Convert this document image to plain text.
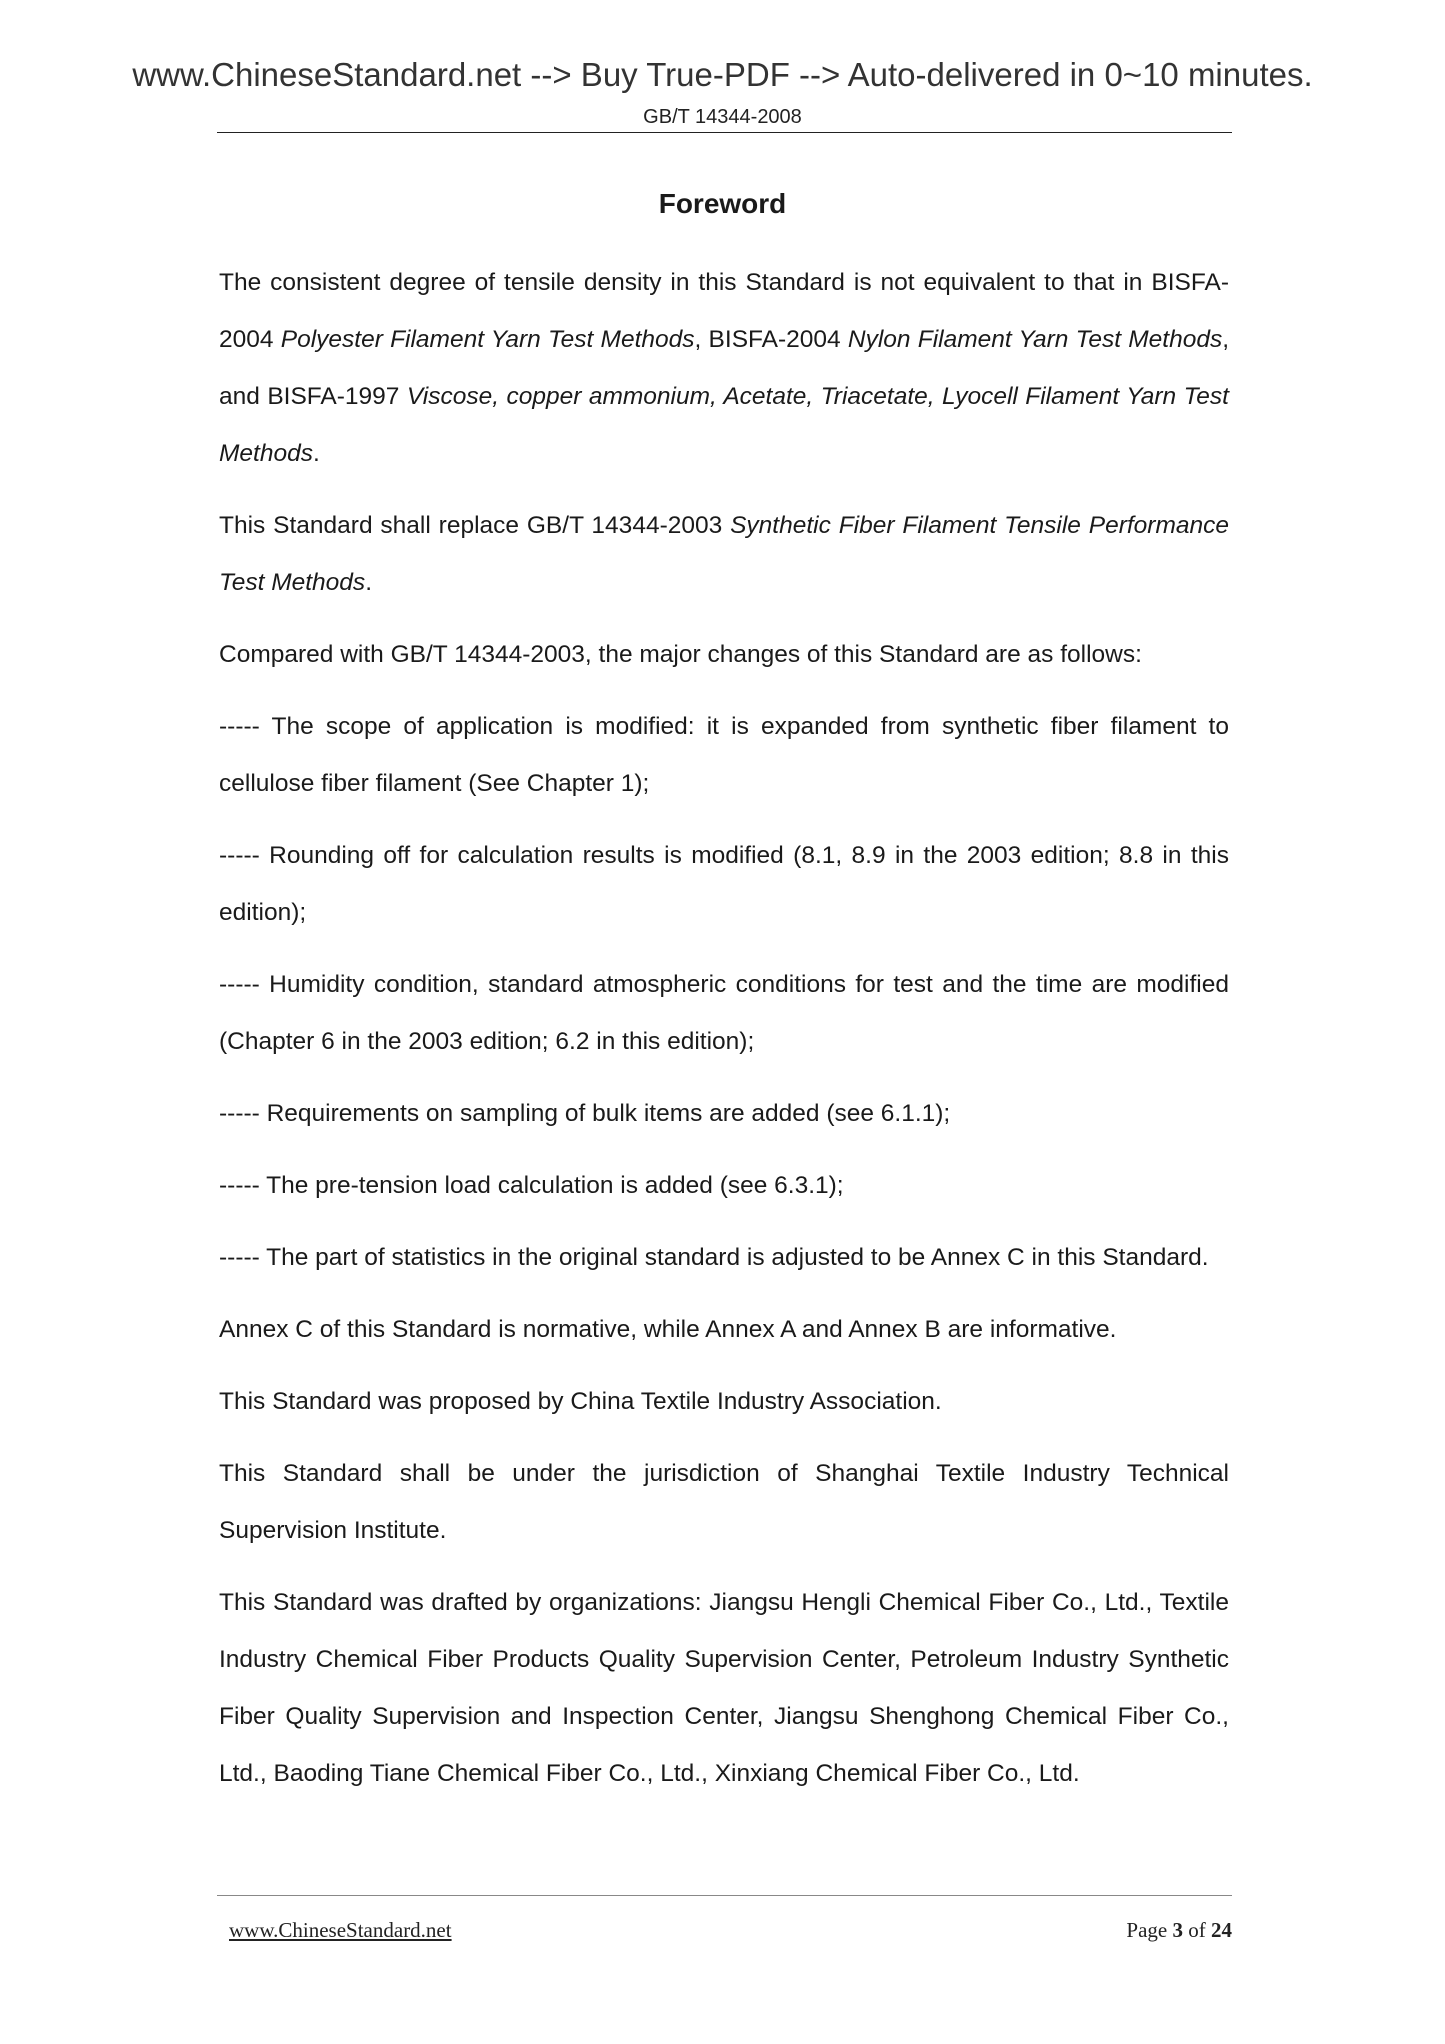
www.ChineseStandard.net --> Buy True-PDF --> Auto-delivered in 0~10 minutes.
GB/T 14344-2008
Foreword

The consistent degree of tensile density in this Standard is not equivalent to that in BISFA-2004 Polyester Filament Yarn Test Methods, BISFA-2004 Nylon Filament Yarn Test Methods, and BISFA-1997 Viscose, copper ammonium, Acetate, Triacetate, Lyocell Filament Yarn Test Methods.

This Standard shall replace GB/T 14344-2003 Synthetic Fiber Filament Tensile Performance Test Methods.

Compared with GB/T 14344-2003, the major changes of this Standard are as follows:

----- The scope of application is modified: it is expanded from synthetic fiber filament to cellulose fiber filament (See Chapter 1);

----- Rounding off for calculation results is modified (8.1, 8.9 in the 2003 edition; 8.8 in this edition);

----- Humidity condition, standard atmospheric conditions for test and the time are modified (Chapter 6 in the 2003 edition; 6.2 in this edition);

----- Requirements on sampling of bulk items are added (see 6.1.1);

----- The pre-tension load calculation is added (see 6.3.1);

----- The part of statistics in the original standard is adjusted to be Annex C in this Standard.

Annex C of this Standard is normative, while Annex A and Annex B are informative.

This Standard was proposed by China Textile Industry Association.

This Standard shall be under the jurisdiction of Shanghai Textile Industry Technical Supervision Institute.

This Standard was drafted by organizations: Jiangsu Hengli Chemical Fiber Co., Ltd., Textile Industry Chemical Fiber Products Quality Supervision Center, Petroleum Industry Synthetic Fiber Quality Supervision and Inspection Center, Jiangsu Shenghong Chemical Fiber Co., Ltd., Baoding Tiane Chemical Fiber Co., Ltd., Xinxiang Chemical Fiber Co., Ltd.

www.ChineseStandard.net	Page 3 of 24
